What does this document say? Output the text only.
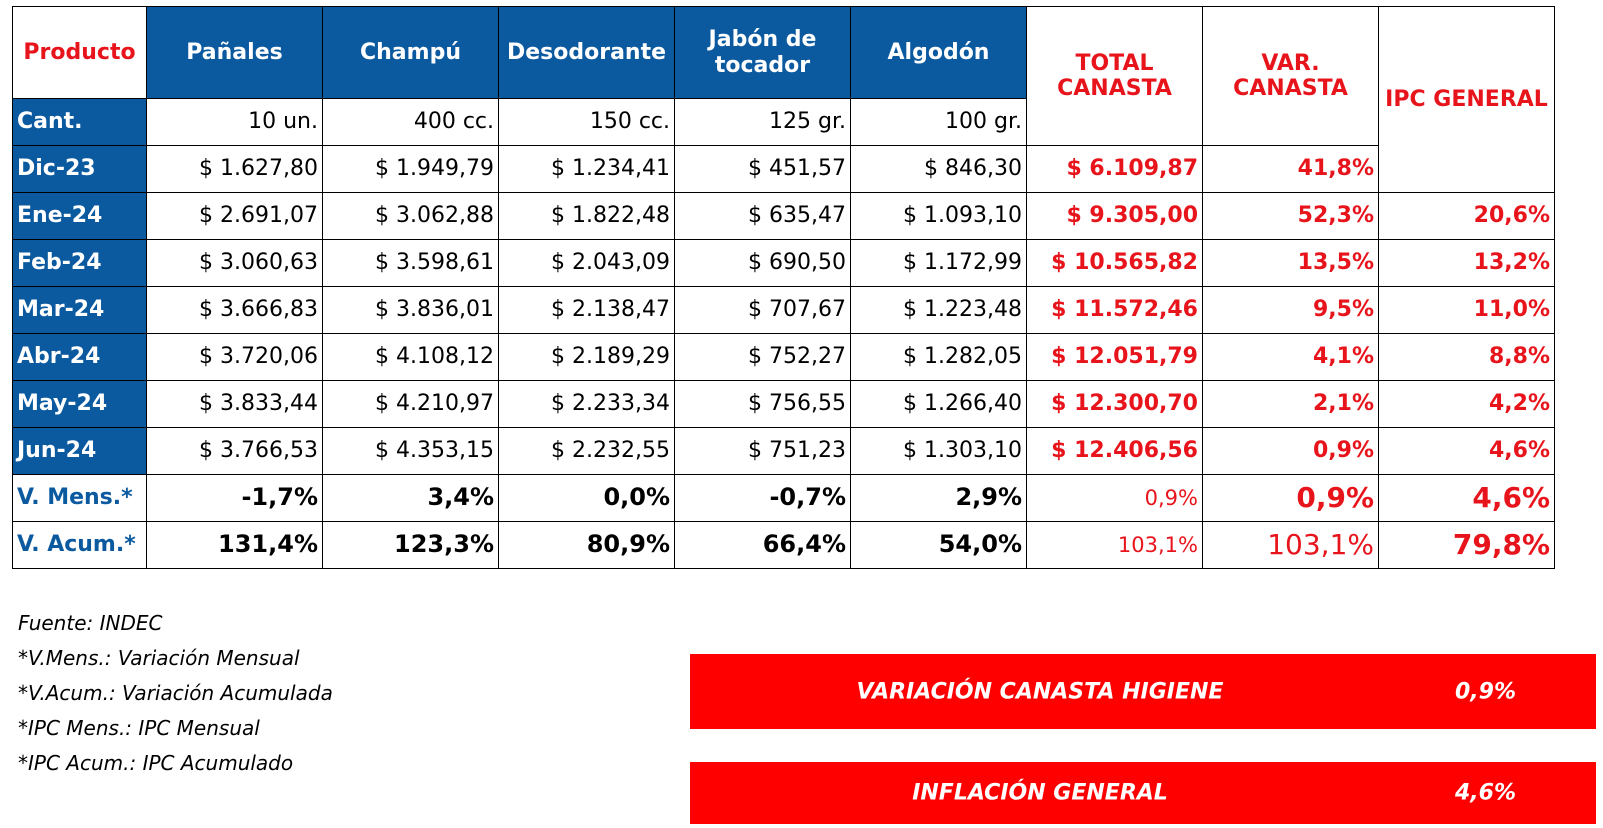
Producto	Pañales	Champú	Desodorante	Jabón de tocador	Algodón	TOTAL CANASTA	VAR. CANASTA	IPC GENERAL
Cant.	10 un.	400 cc.	150 cc.	125 gr.	100 gr.			
Dic-23	$ 1.627,80	$ 1.949,79	$ 1.234,41	$ 451,57	$ 846,30	$ 6.109,87	41,8%	
Ene-24	$ 2.691,07	$ 3.062,88	$ 1.822,48	$ 635,47	$ 1.093,10	$ 9.305,00	52,3%	20,6%
Feb-24	$ 3.060,63	$ 3.598,61	$ 2.043,09	$ 690,50	$ 1.172,99	$ 10.565,82	13,5%	13,2%
Mar-24	$ 3.666,83	$ 3.836,01	$ 2.138,47	$ 707,67	$ 1.223,48	$ 11.572,46	9,5%	11,0%
Abr-24	$ 3.720,06	$ 4.108,12	$ 2.189,29	$ 752,27	$ 1.282,05	$ 12.051,79	4,1%	8,8%
May-24	$ 3.833,44	$ 4.210,97	$ 2.233,34	$ 756,55	$ 1.266,40	$ 12.300,70	2,1%	4,2%
Jun-24	$ 3.766,53	$ 4.353,15	$ 2.232,55	$ 751,23	$ 1.303,10	$ 12.406,56	0,9%	4,6%
V. Mens.*	-1,7%	3,4%	0,0%	-0,7%	2,9%	0,9%	0,9%	4,6%
V. Acum.*	131,4%	123,3%	80,9%	66,4%	54,0%	103,1%	103,1%	79,8%
Fuente: INDEC
*V.Mens.: Variación Mensual
*V.Acum.: Variación Acumulada
*IPC Mens.: IPC Mensual
*IPC Acum.: IPC Acumulado
VARIACIÓN CANASTA HIGIENE	0,9%
INFLACIÓN GENERAL	4,6%
